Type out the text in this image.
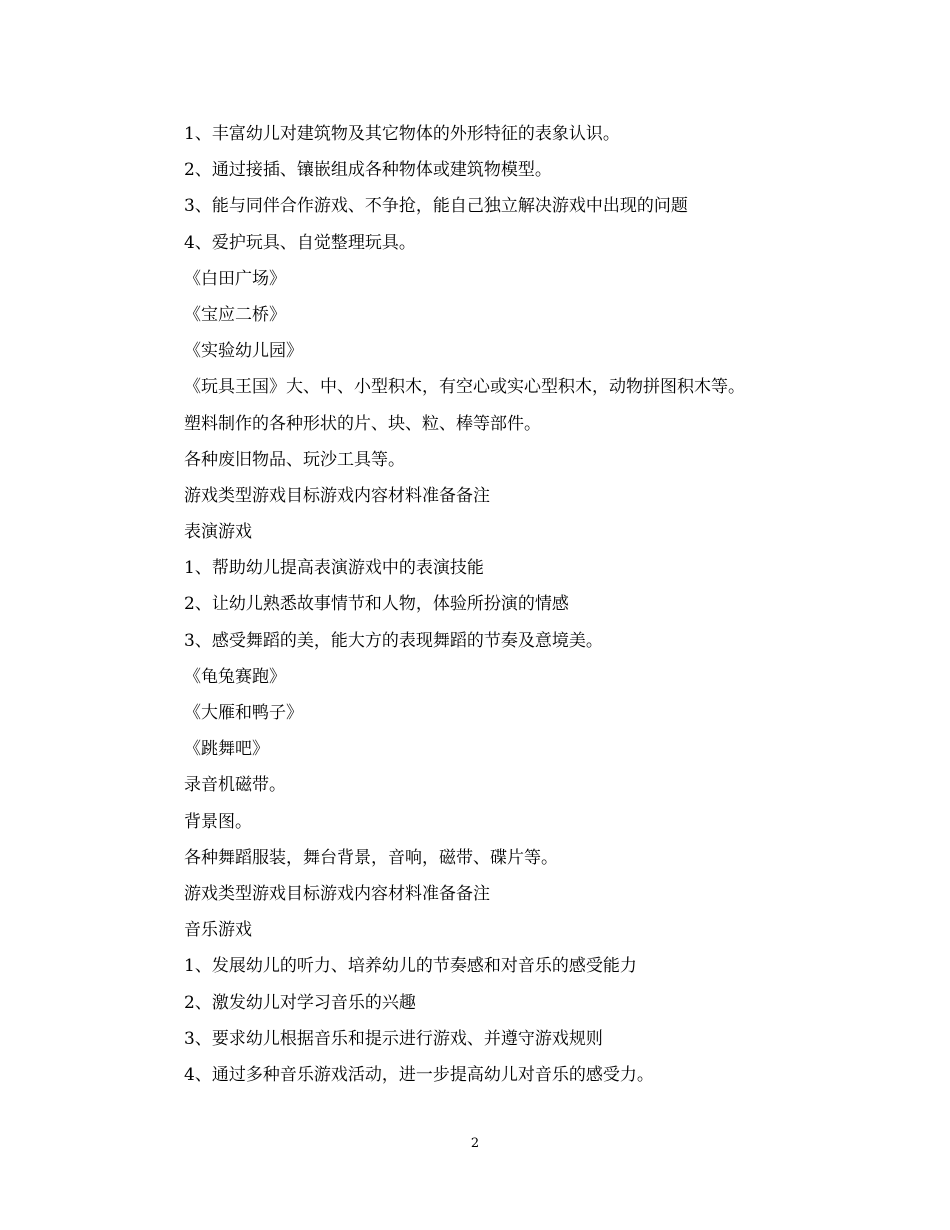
1、丰富幼儿对建筑物及其它物体的外形特征的表象认识。
2、通过接插、镶嵌组成各种物体或建筑物模型。
3、能与同伴合作游戏、不争抢，能自己独立解决游戏中出现的问题
4、爱护玩具、自觉整理玩具。
《白田广场》
《宝应二桥》
《实验幼儿园》
《玩具王国》大、中、小型积木，有空心或实心型积木，动物拼图积木等。
塑料制作的各种形状的片、块、粒、棒等部件。
各种废旧物品、玩沙工具等。
游戏类型游戏目标游戏内容材料准备备注
表演游戏
1、帮助幼儿提高表演游戏中的表演技能
2、让幼儿熟悉故事情节和人物，体验所扮演的情感
3、感受舞蹈的美，能大方的表现舞蹈的节奏及意境美。
《龟兔赛跑》
《大雁和鸭子》
《跳舞吧》
录音机磁带。
背景图。
各种舞蹈服装，舞台背景，音响，磁带、碟片等。
游戏类型游戏目标游戏内容材料准备备注
音乐游戏
1、发展幼儿的听力、培养幼儿的节奏感和对音乐的感受能力
2、激发幼儿对学习音乐的兴趣
3、要求幼儿根据音乐和提示进行游戏、并遵守游戏规则
4、通过多种音乐游戏活动，进一步提高幼儿对音乐的感受力。
2
